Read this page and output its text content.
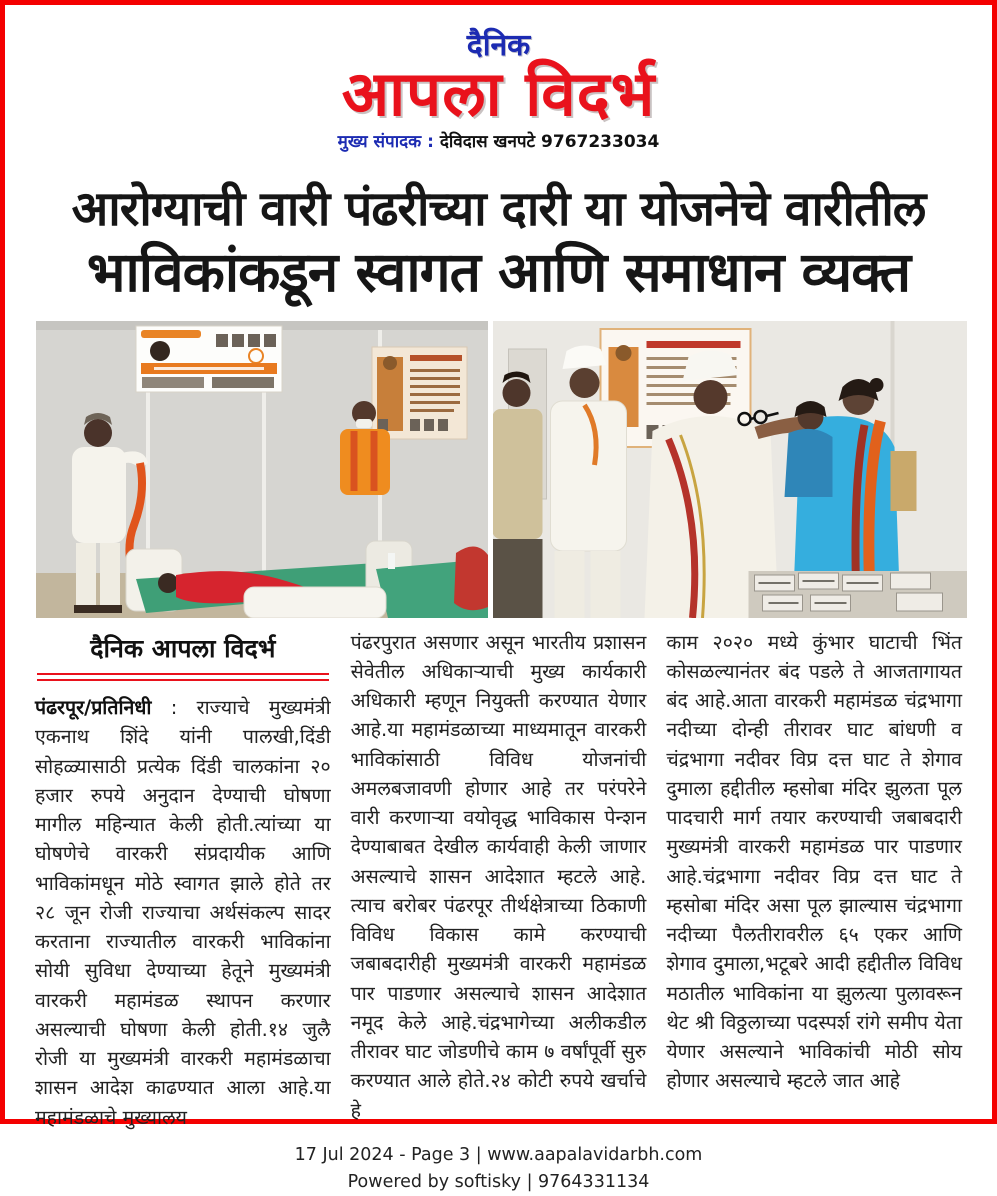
दैनिक
आपला विदर्भ
मुख्य संपादक : देविदास खनपटे 9767233034
आरोग्याची वारी पंढरीच्या दारी या योजनेचे वारीतील
भाविकांकडून स्वागत आणि समाधान व्यक्त
दैनिक आपला विदर्भ

पंढरपूर/प्रतिनिधी : राज्याचे मुख्यमंत्री एकनाथ शिंदे यांनी पालखी,दिंडी सोहळ्यासाठी प्रत्येक दिंडी चालकांना २० हजार रुपये अनुदान देण्याची घोषणा मागील महिन्यात केली होती.त्यांच्या या घोषणेचे वारकरी संप्रदायीक आणि भाविकांमधून मोठे स्वागत झाले होते तर २८ जून रोजी राज्याचा अर्थसंकल्प सादर करताना राज्यातील वारकरी भाविकांना सोयी सुविधा देण्याच्या हेतूने मुख्यमंत्री वारकरी महामंडळ स्थापन करणार असल्याची घोषणा केली होती.१४ जुलै रोजी या मुख्यमंत्री वारकरी महामंडळाचा शासन आदेश काढण्यात आला आहे.या महामंडळाचे मुख्यालय

पंढरपुरात असणार असून भारतीय प्रशासन सेवेतील अधिकाऱ्याची मुख्य कार्यकारी अधिकारी म्हणून नियुक्ती करण्यात येणार आहे.या महामंडळाच्या माध्यमातून वारकरी भाविकांसाठी विविध योजनांची अमलबजावणी होणार आहे तर परंपरेने वारी करणाऱ्या वयोवृद्ध भाविकास पेन्शन देण्याबाबत देखील कार्यवाही केली जाणार असल्याचे शासन आदेशात म्हटले आहे. त्याच बरोबर पंढरपूर तीर्थक्षेत्राच्या ठिकाणी विविध विकास कामे करण्याची जबाबदारीही मुख्यमंत्री वारकरी महामंडळ पार पाडणार असल्याचे शासन आदेशात नमूद केले आहे.चंद्रभागेच्या अलीकडील तीरावर घाट जोडणीचे काम ७ वर्षांपूर्वी सुरु करण्यात आले होते.२४ कोटी रुपये खर्चाचे हे

काम २०२० मध्ये कुंभार घाटाची भिंत कोसळल्यानंतर बंद पडले ते आजतागायत बंद आहे.आता वारकरी महामंडळ चंद्रभागा नदीच्या दोन्ही तीरावर घाट बांधणी व चंद्रभागा नदीवर विप्र दत्त घाट ते शेगाव दुमाला हद्दीतील म्हसोबा मंदिर झुलता पूल पादचारी मार्ग तयार करण्याची जबाबदारी मुख्यमंत्री वारकरी महामंडळ पार पाडणार आहे.चंद्रभागा नदीवर विप्र दत्त घाट ते म्हसोबा मंदिर असा पूल झाल्यास चंद्रभागा नदीच्या पैलतीरावरील ६५ एकर आणि शेगाव दुमाला,भटूबरे आदी हद्दीतील विविध मठातील भाविकांना या झुलत्या पुलावरून थेट श्री विठ्ठलाच्या पदस्पर्श रांगे समीप येता येणार असल्याने भाविकांची मोठी सोय होणार असल्याचे म्हटले जात आहे

17 Jul 2024 - Page 3 | www.aapalavidarbh.com
Powered by softisky | 9764331134
